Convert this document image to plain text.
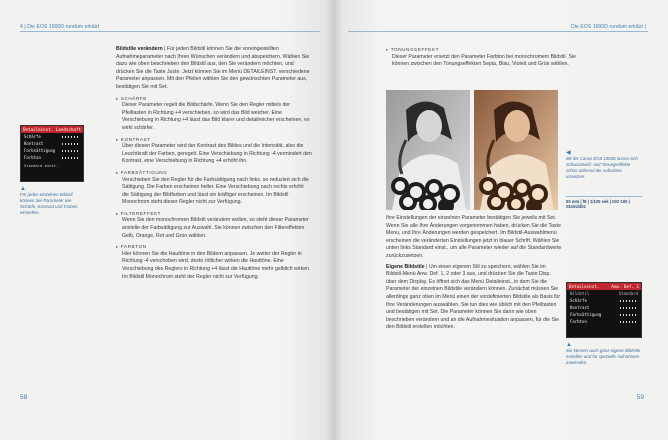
4 | Die EOS 1000D rundum erklärt
Detaileinst. Landschaft
Schärfe
Kontrast
Farbsättigung
Farbton
Standard einst.
▲
Für jeden einzelnen Bildstil können Sie Parameter wie Schärfe, Kontrast und Farben einstellen.

Bildstile verändern | Für jeden Bildstil können Sie die voreingestellten Aufnahmeparameter nach Ihren Wünschen verändern und abspeichern. Wählen Sie dazu wie oben beschrieben den Bildstil aus, den Sie verändern möchten, und drücken Sie die Taste Juste. Jetzt können Sie im Menü DETAILEINST. verschiedene Parameter anpassen. Mit den Pfeilen wählen Sie den gewünschten Parameter aus, bestätigen Sie mit Set.

▸ SCHÄRFE

Dieser Parameter regelt die Bildschärfe. Wenn Sie den Regler mittels der Pfeiltasten in Richtung +4 verschieben, so wird das Bild weicher. Eine Verschiebung in Richtung +4 lässt das Bild klarer und detailreicher erscheinen, es wirkt schärfer.

▸ KONTRAST

Über diesen Parameter wird der Kontrast des Bildes und die Intensität, also die Leuchtkraft der Farben, geregelt. Eine Verschiebung in Richtung -4 vermindert den Kontrast, eine Verschiebung in Richtung +4 erhöht ihn.

▸ FARBSÄTTIGUNG

Verschieben Sie den Regler für die Farbsättigung nach links, so reduziert sich die Sättigung. Die Farben erscheinen heller. Eine Verschiebung nach rechts erhöht die Sättigung der Bildfarben und lässt sie kräftiger erscheinen. Im Bildstil Monochrom steht dieser Regler nicht zur Verfügung.

▸ FILTEREFFEKT

Wenn Sie den monochromen Bildstil verändern wollen, so steht dieser Parameter anstelle der Farbsättigung zur Auswahl. Sie können zwischen den Filtereffekten Gelb, Orange, Rot und Grün wählen.

▸ FARBTON

Hier können Sie die Hauttöne in den Bildern anpassen. Je weiter der Regler in Richtung -4 verschoben wird, desto rötlicher wirken die Hauttöne. Eine Verschiebung des Reglers in Richtung +4 lässt die Hauttöne mehr gelblich wirken. Im Bildstil Monochrom steht der Regler nicht zur Verfügung.

58
Die EOS 1000D rundum erklärt |
▸ TONUNGSEFFEKT

Dieser Parameter ersetzt den Parameter Farbton bei monochromem Bildstil. Sie können zwischen den Tonungseffekten Sepia, Blau, Violett und Grün wählen.

◀
Mit der Canon EOS 1000D lassen sich Schwarzweiß- und Tonungseffekte schon während der Aufnahme umsetzen.
50 mm | f8 | 1/125 sek | ISO 100 | Stativblitz

Ihre Einstellungen der einzelnen Parameter bestätigen Sie jeweils mit Set. Wenn Sie alle Ihre Änderungen vorgenommen haben, drücken Sie die Taste Menu, und Ihre Änderungen werden gespeichert. Im Bildstil-Auswahlmenü erscheinen die veränderten Einstellungen jetzt in blauer Schrift. Wählen Sie unten links Standard einst., um alle Parameter wieder auf die Standardwerte zurückzusetzen.

Eigene Bildstile | Um einen eigenen Stil zu speichern, wählen Sie im Bildstil-Menü Anw. Def. 1, 2 oder 3 aus, und drücken Sie die Taste Disp. über dem Display. Es öffnet sich das Menü Detaileinst., in dem Sie die Parameter der einzelnen Bildstile verändern können. Zunächst müssen Sie allerdings ganz oben im Menü einen der vordefinierten Bildstile als Basis für Ihre Veränderungen auswählen. Sie tun dies wie üblich mit den Pfeiltasten und bestätigen mit Set. Die Parameter können Sie dann wie oben beschrieben verändern und an die Aufnahmesituation anpassen, für die Sie den Bildstil erstellen möchten.

Detaileinst.	Anw. Def. 1
Bildstil	Standard
Schärfe
Kontrast
Farbsättigung
Farbton
▲
Sie können auch ganz eigene Bildstile erstellen und für spezielle Aufnahmen anwenden.
59
